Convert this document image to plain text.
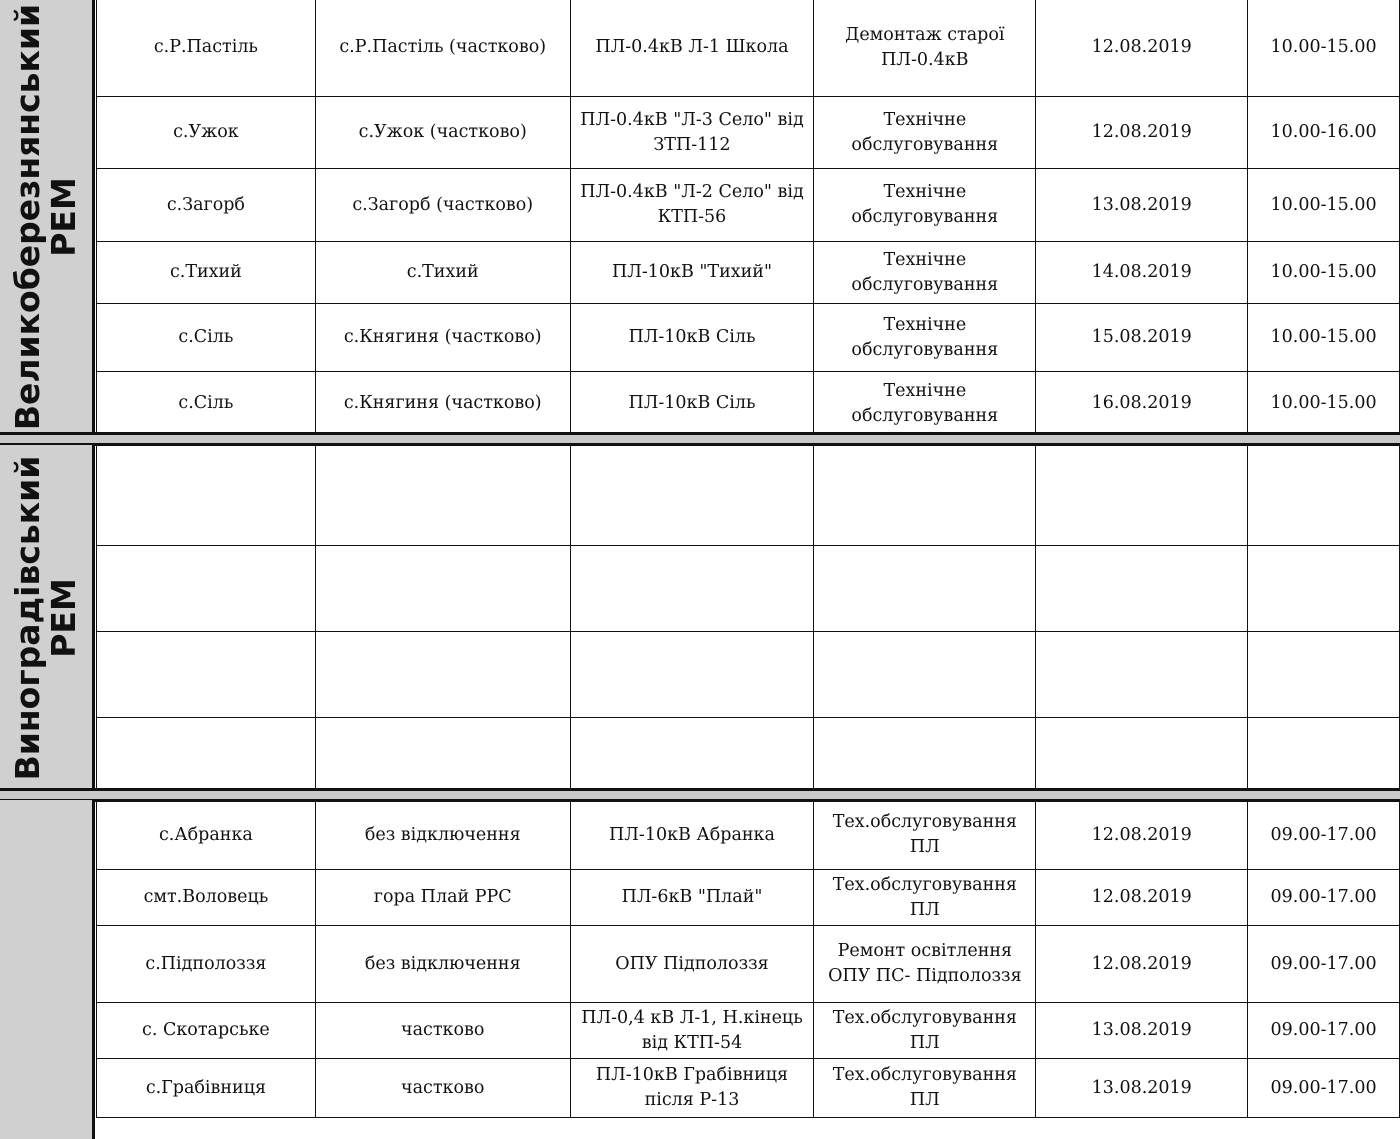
Великоберезнянський
РЕМ
с.Р.Пастіль	с.Р.Пастіль (частково)	ПЛ-0.4кВ Л-1 Школа	Демонтаж старої ПЛ-0.4кВ	12.08.2019	10.00-15.00
с.Ужок	с.Ужок (частково)	ПЛ-0.4кВ "Л-3 Село" від ЗТП-112	Технічне обслуговування	12.08.2019	10.00-16.00
с.Загорб	с.Загорб (частково)	ПЛ-0.4кВ "Л-2 Село" від КТП-56	Технічне обслуговування	13.08.2019	10.00-15.00
с.Тихий	с.Тихий	ПЛ-10кВ "Тихий"	Технічне обслуговування	14.08.2019	10.00-15.00
с.Сіль	с.Княгиня (частково)	ПЛ-10кВ Сіль	Технічне обслуговування	15.08.2019	10.00-15.00
с.Сіль	с.Княгиня (частково)	ПЛ-10кВ Сіль	Технічне обслуговування	16.08.2019	10.00-15.00
Виноградівський
РЕМ

с.Абранка	без відключення	ПЛ-10кВ Абранка	Тех.обслуговування ПЛ	12.08.2019	09.00-17.00
смт.Воловець	гора Плай РРС	ПЛ-6кВ "Плай"	Тех.обслуговування ПЛ	12.08.2019	09.00-17.00
с.Підполоззя	без відключення	ОПУ Підполоззя	Ремонт освітлення ОПУ ПС- Підполоззя	12.08.2019	09.00-17.00
с. Скотарське	частково	ПЛ-0,4 кВ Л-1, Н.кінець від КТП-54	Тех.обслуговування ПЛ	13.08.2019	09.00-17.00
с.Грабівниця	частково	ПЛ-10кВ Грабівниця після Р-13	Тех.обслуговування ПЛ	13.08.2019	09.00-17.00
